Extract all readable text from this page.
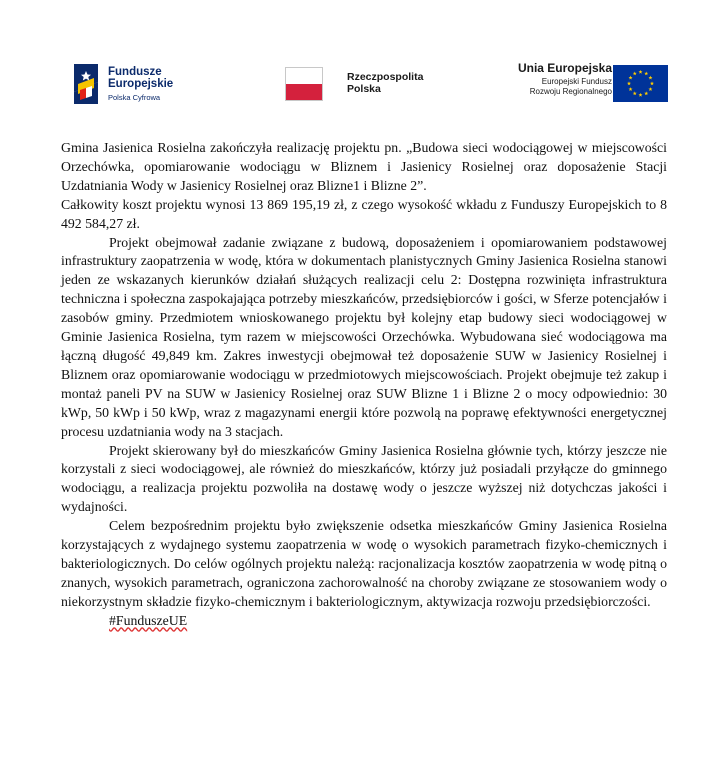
Fundusze
Europejskie
Polska Cyfrowa
Rzeczpospolita
Polska
Unia Europejska
Europejski Fundusz
Rozwoju Regionalnego

Gmina Jasienica Rosielna zakończyła realizację projektu pn. „Budowa sieci wodociągowej w miejscowości Orzechówka, opomiarowanie wodociągu w Bliznem i Jasienicy Rosielnej oraz doposażenie Stacji Uzdatniania Wody w Jasienicy Rosielnej oraz Blizne1 i Blizne 2”.

Całkowity koszt projektu wynosi 13 869 195,19 zł, z czego wysokość wkładu z Funduszy Europejskich to 8 492 584,27 zł.

Projekt obejmował zadanie związane z budową, doposażeniem i opomiarowaniem podstawowej infrastruktury zaopatrzenia w wodę, która w dokumentach planistycznych Gminy Jasienica Rosielna stanowi jeden ze wskazanych kierunków działań służących realizacji celu 2: Dostępna rozwinięta infrastruktura techniczna i społeczna zaspokajająca potrzeby mieszkańców, przedsiębiorców i gości, w Sferze potencjałów i zasobów gminy. Przedmiotem wnioskowanego projektu był kolejny etap budowy sieci wodociągowej w Gminie Jasienica Rosielna, tym razem w miejscowości Orzechówka. Wybudowana sieć wodociągowa ma łączną długość 49,849 km. Zakres inwestycji obejmował też doposażenie SUW w Jasienicy Rosielnej i Bliznem oraz opomiarowanie wodociągu w przedmiotowych miejscowościach. Projekt obejmuje też zakup i montaż paneli PV na SUW w Jasienicy Rosielnej oraz SUW Blizne 1 i Blizne 2 o mocy odpowiednio: 30 kWp, 50 kWp i 50 kWp, wraz z magazynami energii które pozwolą na poprawę efektywności energetycznej procesu uzdatniania wody na 3 stacjach.

Projekt skierowany był do mieszkańców Gminy Jasienica Rosielna głównie tych, którzy jeszcze nie korzystali z sieci wodociągowej, ale również do mieszkańców, którzy już posiadali przyłącze do gminnego wodociągu, a realizacja projektu pozwoliła na dostawę wody o jeszcze wyższej niż dotychczas jakości i wydajności.

Celem bezpośrednim projektu było zwiększenie odsetka mieszkańców Gminy Jasienica Rosielna korzystających z wydajnego systemu zaopatrzenia w wodę o wysokich parametrach fizyko-chemicznych i bakteriologicznych. Do celów ogólnych projektu należą: racjonalizacja kosztów zaopatrzenia w wodę pitną o znanych, wysokich parametrach, ograniczona zachorowalność na choroby związane ze stosowaniem wody o niekorzystnym składzie fizyko-chemicznym i bakteriologicznym, aktywizacja rozwoju przedsiębiorczości.

#FunduszeUE
